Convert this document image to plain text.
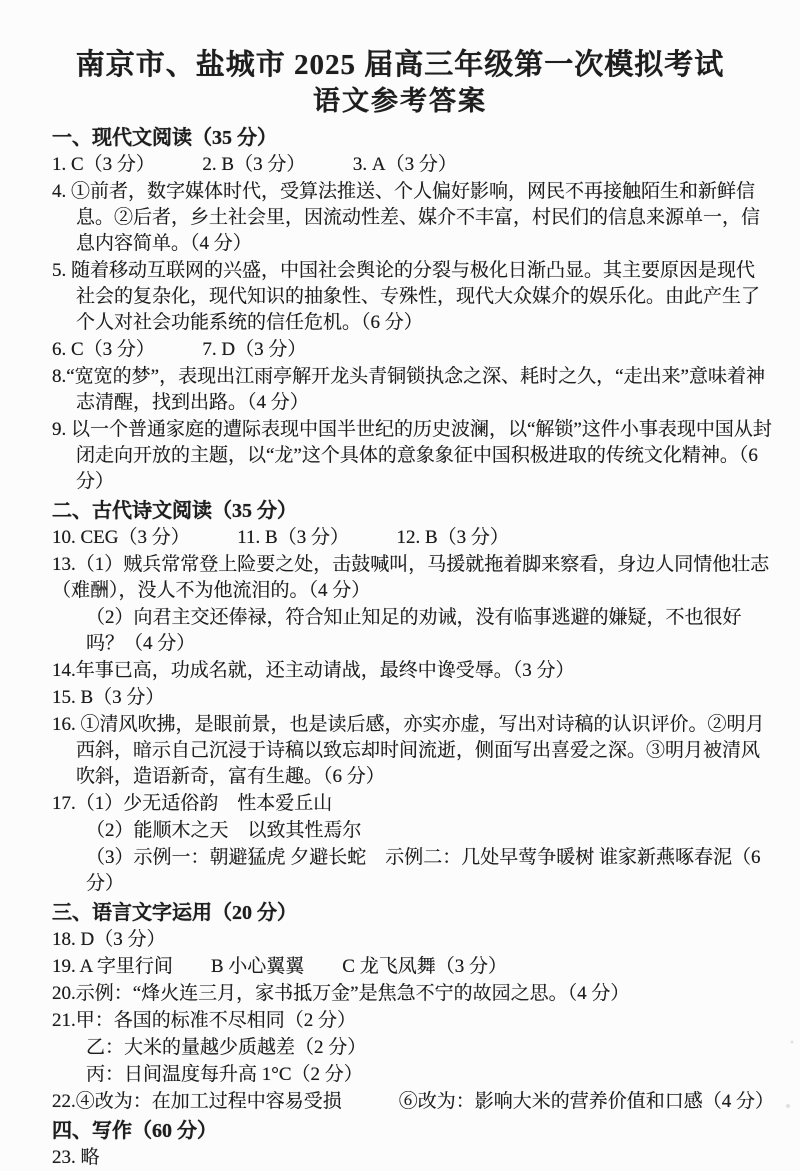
南京市、盐城市 2025 届高三年级第一次模拟考试
语文参考答案
一、现代文阅读（35 分）
1. C（3 分）　　　2. B（3 分）　　　3. A（3 分）
4. ①前者，数字媒体时代，受算法推送、个人偏好影响，网民不再接触陌生和新鲜信息。②后者，乡土社会里，因流动性差、媒介不丰富，村民们的信息来源单一，信息内容简单。（4 分）
5. 随着移动互联网的兴盛，中国社会舆论的分裂与极化日渐凸显。其主要原因是现代社会的复杂化，现代知识的抽象性、专殊性，现代大众媒介的娱乐化。由此产生了个人对社会功能系统的信任危机。（6 分）
6. C（3 分）　　　7. D（3 分）
8.“宽宽的梦”，表现出江雨亭解开龙头青铜锁执念之深、耗时之久，“走出来”意味着神志清醒，找到出路。（4 分）
9. 以一个普通家庭的遭际表现中国半世纪的历史波澜，以“解锁”这件小事表现中国从封闭走向开放的主题，以“龙”这个具体的意象象征中国积极进取的传统文化精神。（6 分）
二、古代诗文阅读（35 分）
10. CEG（3 分）　　　11. B（3 分）　　　12. B（3 分）
13.（1）贼兵常常登上险要之处，击鼓喊叫，马援就拖着脚来察看，身边人同情他壮志（难酬），没人不为他流泪的。（4 分）
（2）向君主交还俸禄，符合知止知足的劝诫，没有临事逃避的嫌疑，不也很好吗？（4 分）
14.年事已高，功成名就，还主动请战，最终中谗受辱。（3 分）
15. B（3 分）
16. ①清风吹拂，是眼前景，也是读后感，亦实亦虚，写出对诗稿的认识评价。②明月西斜，暗示自己沉浸于诗稿以致忘却时间流逝，侧面写出喜爱之深。③明月被清风吹斜，造语新奇，富有生趣。（6 分）
17.（1）少无适俗韵　性本爱丘山
（2）能顺木之天　以致其性焉尔
（3）示例一：朝避猛虎 夕避长蛇　示例二：几处早莺争暖树 谁家新燕啄春泥（6 分）
三、语言文字运用（20 分）
18. D（3 分）
19. A 字里行间　　B 小心翼翼　　C 龙飞凤舞（3 分）
20.示例：“烽火连三月，家书抵万金”是焦急不宁的故园之思。（4 分）
21.甲：各国的标准不尽相同（2 分）
乙：大米的量越少质越差（2 分）
丙：日间温度每升高 1°C（2 分）
22.④改为：在加工过程中容易受损　　　⑥改为：影响大米的营养价值和口感（4 分）
四、写作（60 分）
23. 略
